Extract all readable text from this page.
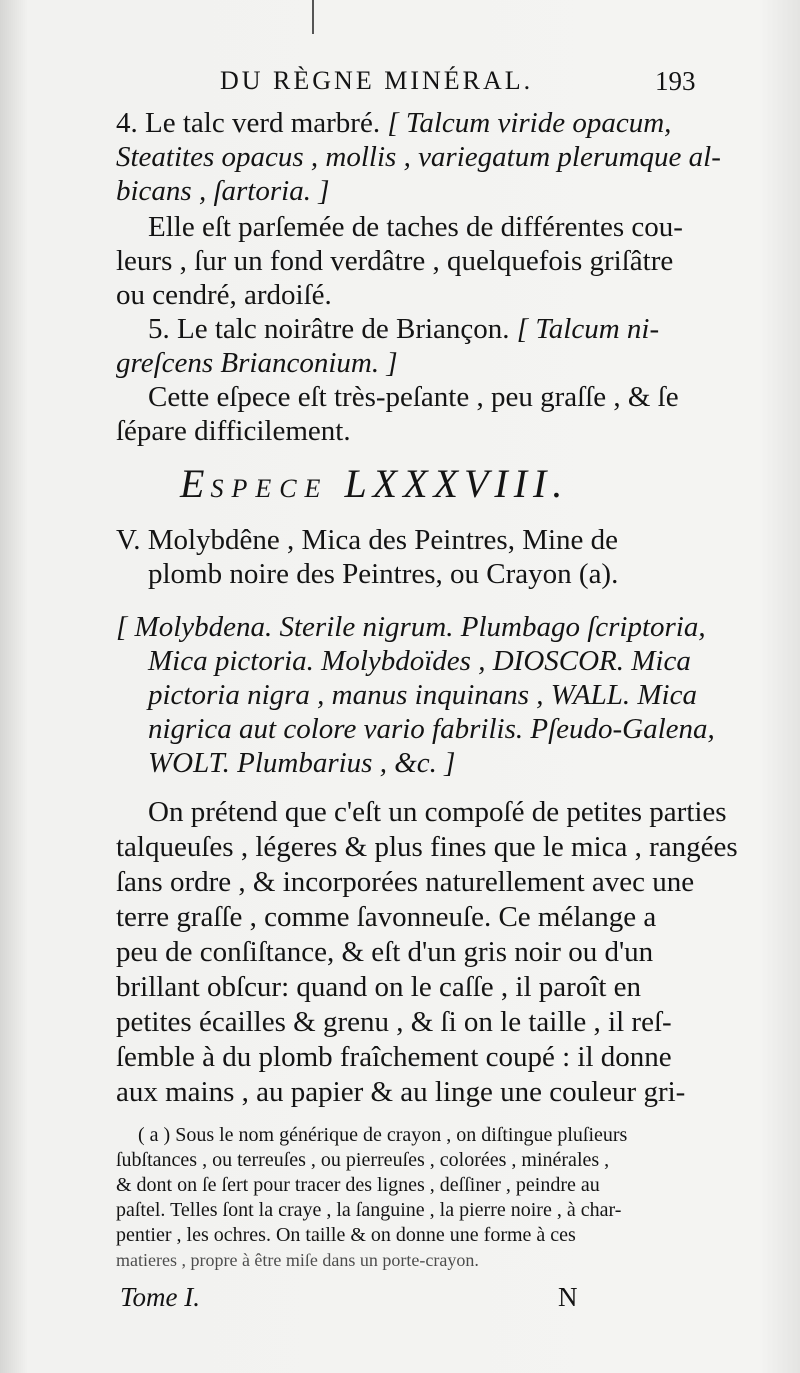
DU RÈGNE MINÉRAL.	193
4. Le talc verd marbré. [ Talcum viride opacum,
Steatites opacus , mollis , variegatum plerumque al-
bicans , ſartoria. ]
Elle eſt parſemée de taches de différentes cou-
leurs , ſur un fond verdâtre , quelquefois griſâtre
ou cendré, ardoiſé.
5. Le talc noirâtre de Briançon. [ Talcum ni-
greſcens Brianconium. ]
Cette eſpece eſt très-peſante , peu graſſe , & ſe
ſépare difficilement.
ESPECE LXXXVIII.
V. Molybdêne , Mica des Peintres, Mine de
plomb noire des Peintres, ou Crayon (a).
[ Molybdena. Sterile nigrum. Plumbago ſcriptoria,
Mica pictoria. Molybdoïdes , DIOSCOR. Mica
pictoria nigra , manus inquinans , WALL. Mica
nigrica aut colore vario fabrilis. Pſeudo-Galena,
WOLT. Plumbarius , &c. ]
On prétend que c'eſt un compoſé de petites parties
talqueuſes , légeres & plus fines que le mica , rangées
ſans ordre , & incorporées naturellement avec une
terre graſſe , comme ſavonneuſe. Ce mélange a
peu de conſiſtance, & eſt d'un gris noir ou d'un
brillant obſcur: quand on le caſſe , il paroît en
petites écailles & grenu , & ſi on le taille , il reſ-
ſemble à du plomb fraîchement coupé : il donne
aux mains , au papier & au linge une couleur gri-
( a ) Sous le nom générique de crayon , on diſtingue pluſieurs
ſubſtances , ou terreuſes , ou pierreuſes , colorées , minérales ,
& dont on ſe ſert pour tracer des lignes , deſſiner , peindre au
paſtel. Telles ſont la craye , la ſanguine , la pierre noire , à char-
pentier , les ochres. On taille & on donne une forme à ces
matieres , propre à être miſe dans un porte-crayon.
Tome I.	N
